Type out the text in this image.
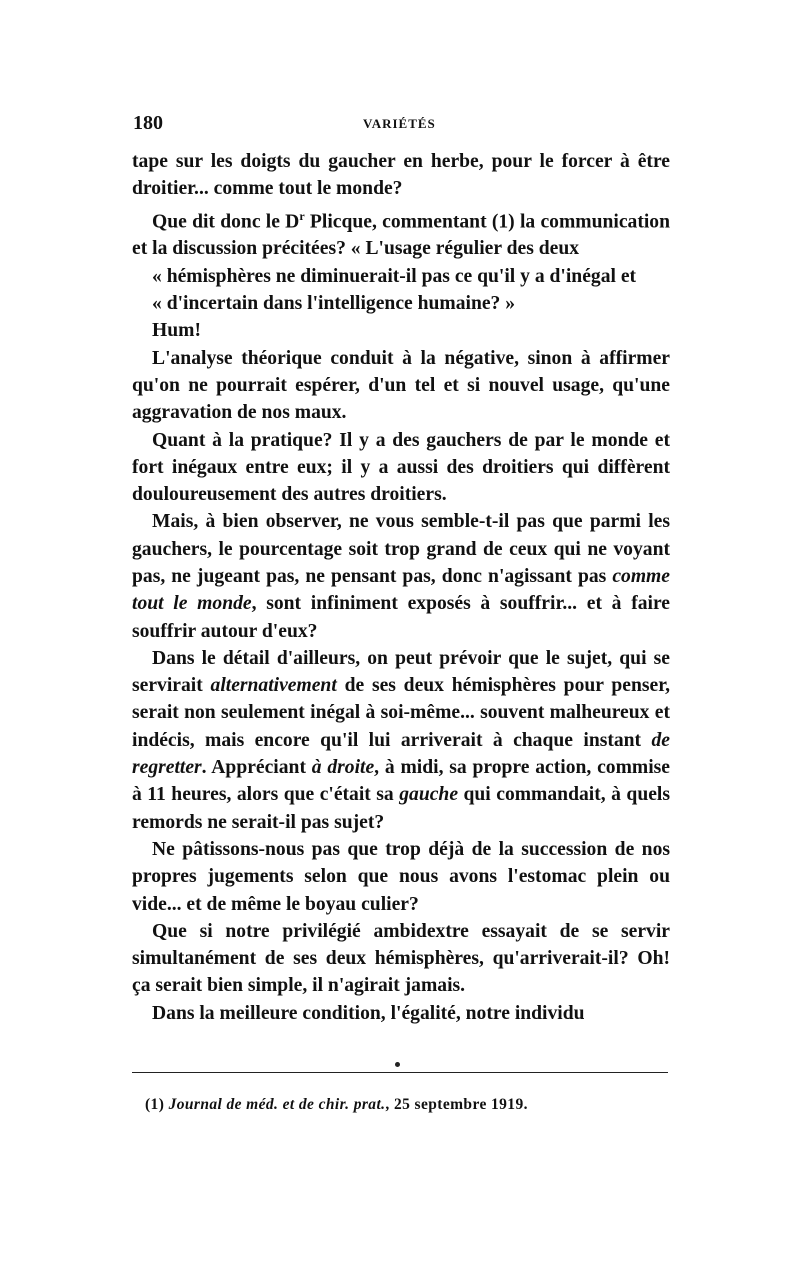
180	VARIÉTÉS

tape sur les doigts du gaucher en herbe, pour le forcer à être droitier... comme tout le monde?

Que dit donc le $D^r$ Plicque, commentant (1) la communication et la discussion précitées? « L'usage régulier des deux
« hémisphères ne diminuerait-il pas ce qu'il y a d'inégal et
« d'incertain dans l'intelligence humaine? »

Hum!

L'analyse théorique conduit à la négative, sinon à affirmer qu'on ne pourrait espérer, d'un tel et si nouvel usage, qu'une aggravation de nos maux.

Quant à la pratique? Il y a des gauchers de par le monde et fort inégaux entre eux; il y a aussi des droitiers qui diffèrent douloureusement des autres droitiers.

Mais, à bien observer, ne vous semble-t-il pas que parmi les gauchers, le pourcentage soit trop grand de ceux qui ne voyant pas, ne jugeant pas, ne pensant pas, donc n'agissant pas comme tout le monde, sont infiniment exposés à souffrir... et à faire souffrir autour d'eux?

Dans le détail d'ailleurs, on peut prévoir que le sujet, qui se servirait alternativement de ses deux hémisphères pour penser, serait non seulement inégal à soi-même... souvent malheureux et indécis, mais encore qu'il lui arriverait à chaque instant de regretter. Appréciant à droite, à midi, sa propre action, commise à 11 heures, alors que c'était sa gauche qui commandait, à quels remords ne serait-il pas sujet?

Ne pâtissons-nous pas que trop déjà de la succession de nos propres jugements selon que nous avons l'estomac plein ou vide... et de même le boyau culier?

Que si notre privilégié ambidextre essayait de se servir simultanément de ses deux hémisphères, qu'arriverait-il? Oh! ça serait bien simple, il n'agirait jamais.

Dans la meilleure condition, l'égalité, notre individu

(1) Journal de méd. et de chir. prat., 25 septembre 1919.
